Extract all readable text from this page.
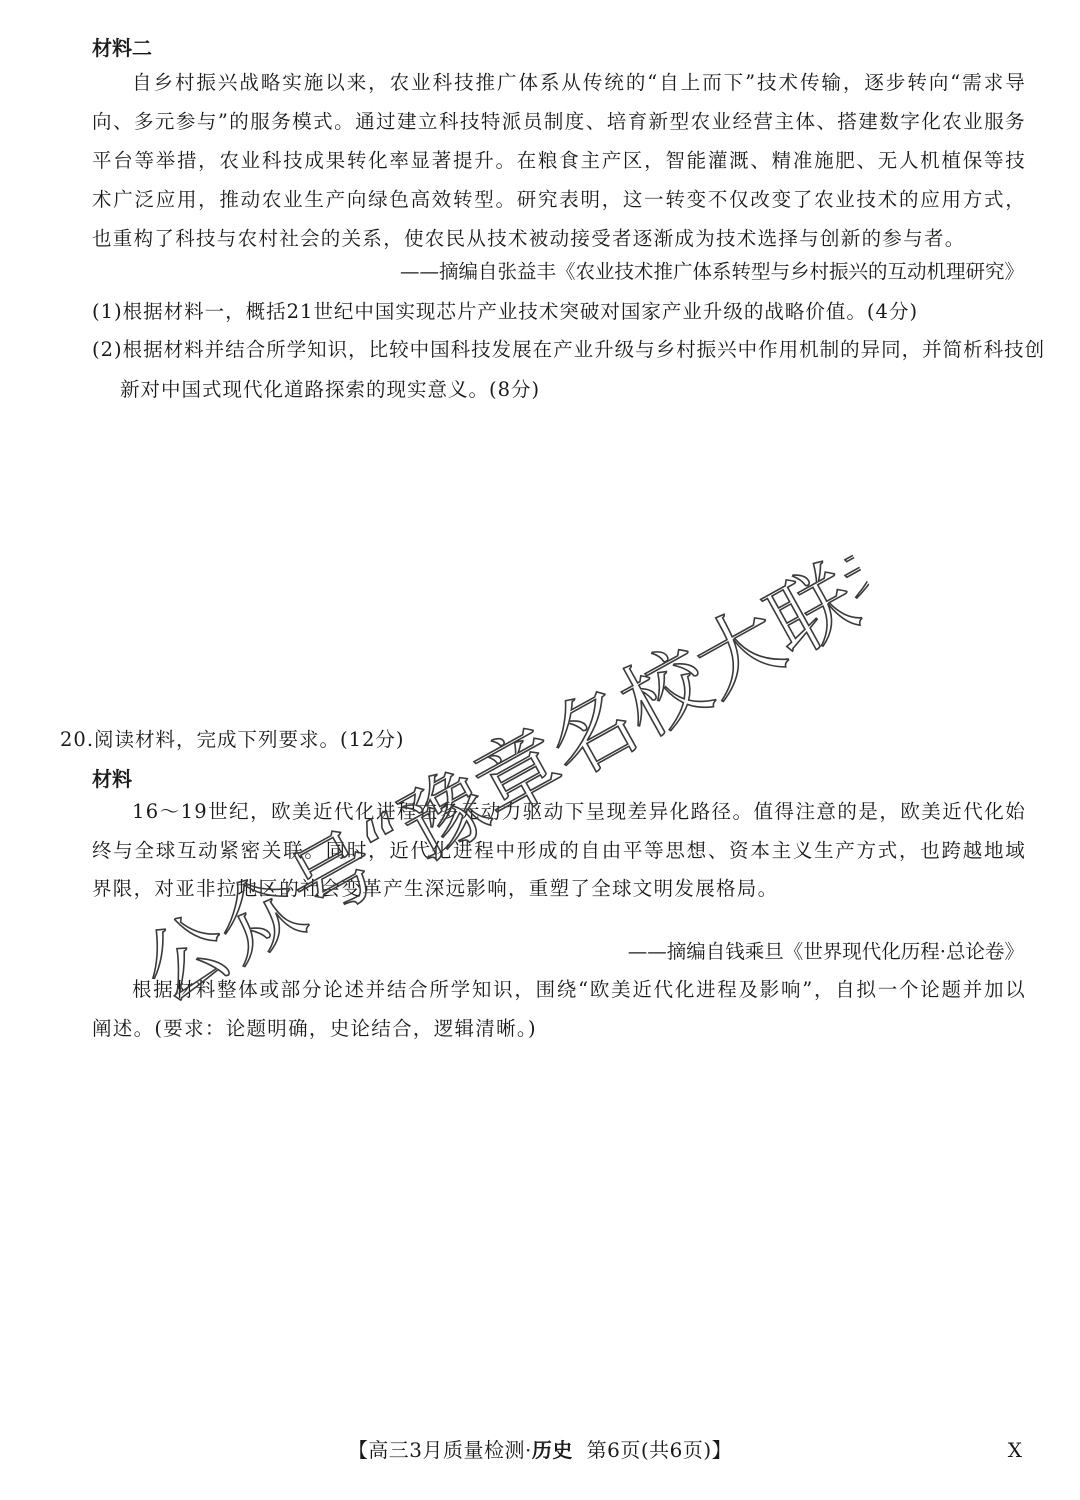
材料二

自乡村振兴战略实施以来，农业科技推广体系从传统的“自上而下”技术传输，逐步转向“需求导向、多元参与”的服务模式。通过建立科技特派员制度、培育新型农业经营主体、搭建数字化农业服务平台等举措，农业科技成果转化率显著提升。在粮食主产区，智能灌溉、精准施肥、无人机植保等技术广泛应用，推动农业生产向绿色高效转型。研究表明，这一转变不仅改变了农业技术的应用方式，也重构了科技与农村社会的关系，使农民从技术被动接受者逐渐成为技术选择与创新的参与者。

——摘编自张益丰《农业技术推广体系转型与乡村振兴的互动机理研究》

(1)根据材料一，概括21世纪中国实现芯片产业技术突破对国家产业升级的战略价值。(4分)

(2)根据材料并结合所学知识，比较中国科技发展在产业升级与乡村振兴中作用机制的异同，并简析科技创新对中国式现代化道路探索的现实意义。(8分)

20.阅读材料，完成下列要求。(12分)
材料

16～19世纪，欧美近代化进程在多元动力驱动下呈现差异化路径。值得注意的是，欧美近代化始终与全球互动紧密关联。同时，近代化进程中形成的自由平等思想、资本主义生产方式，也跨越地域界限，对亚非拉地区的社会变革产生深远影响，重塑了全球文明发展格局。

——摘编自钱乘旦《世界现代化历程·总论卷》

根据材料整体或部分论述并结合所学知识，围绕“欧美近代化进程及影响”，自拟一个论题并加以阐述。(要求：论题明确，史论结合，逻辑清晰。)

公众号“豫章名校大联考”
【高三3月质量检测·历史  第6页(共6页)】	X
